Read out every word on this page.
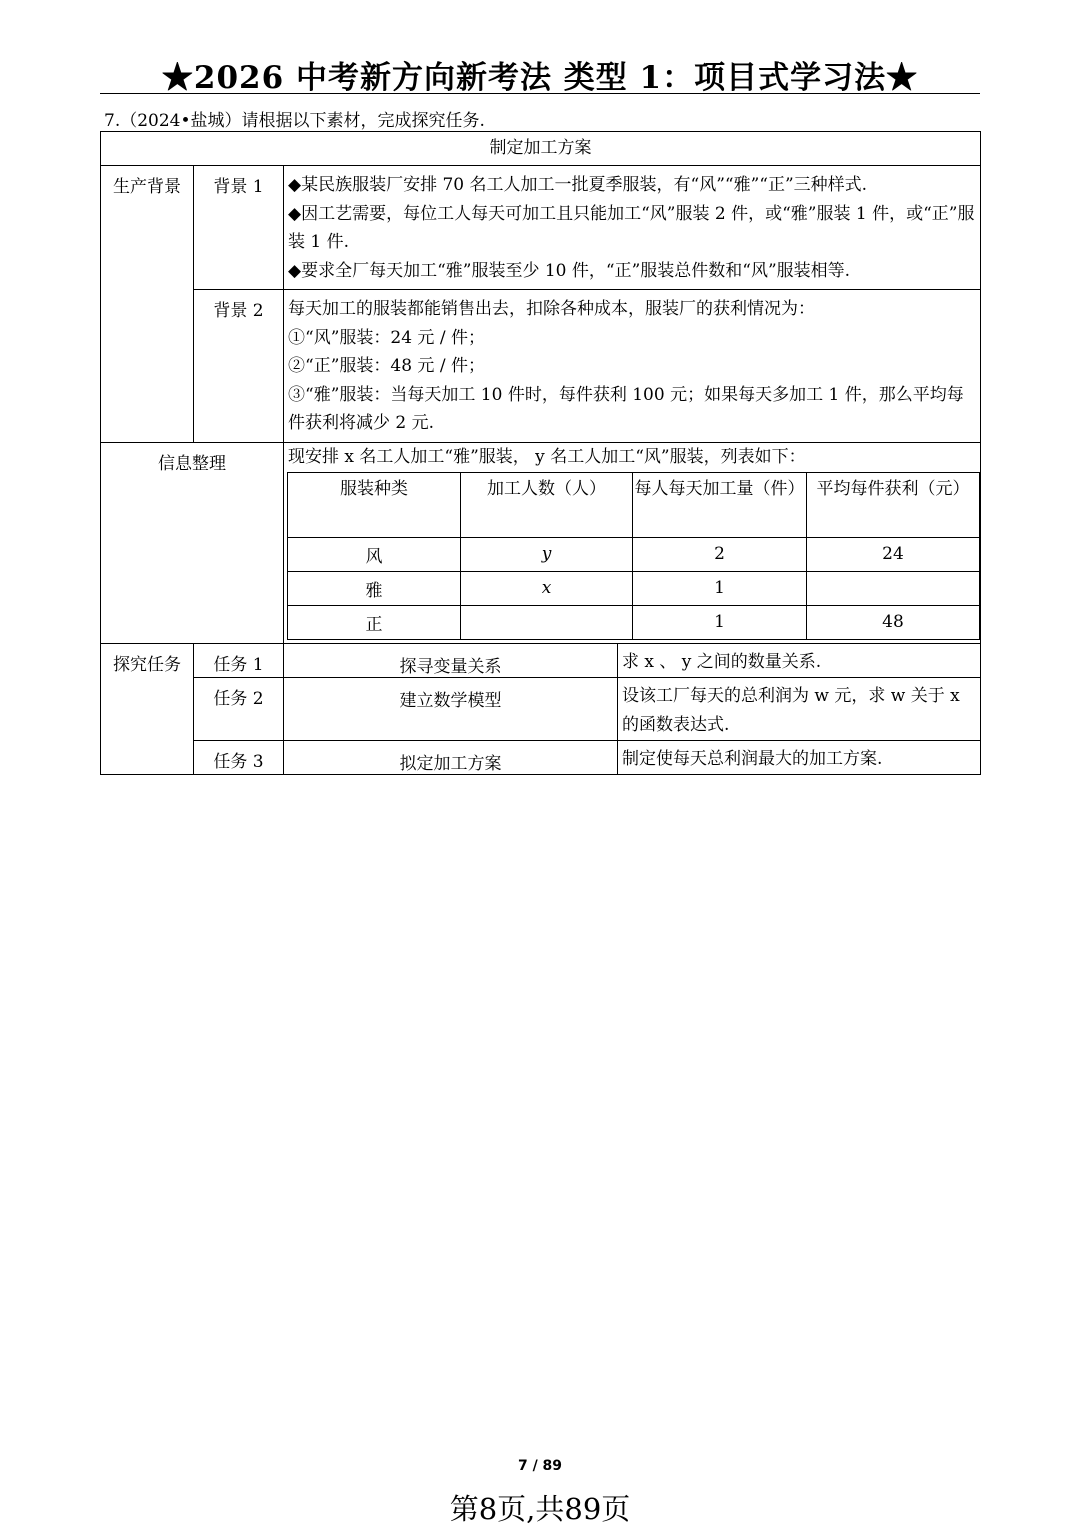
★2026 中考新方向新考法 类型 1：项目式学习法★
7.（2024•盐城）请根据以下素材，完成探究任务.
制定加工方案
生产背景	背景 1	◆某民族服装厂安排 70 名工人加工一批夏季服装，有“风”“雅”“正”三种样式.

◆因工艺需要，每位工人每天可加工且只能加工“风”服装 2 件，或“雅”服装 1 件，或“正”服装 1 件.

◆要求全厂每天加工“雅”服装至少 10 件，“正”服装总件数和“风”服装相等.

背景 2	每天加工的服装都能销售出去，扣除各种成本，服装厂的获利情况为：

①“风”服装：24 元 / 件；

②“正”服装：48 元 / 件；

③“雅”服装：当每天加工 10 件时，每件获利 100 元；如果每天多加工 1 件，那么平均每件获利将减少 2 元.

信息整理	现安排 x 名工人加工“雅”服装， y 名工人加工“风”服装，列表如下：
服装种类	加工人数（人）	每人每天加工量（件）	平均每件获利（元）
风	y	2	24
雅	x	1	
正		1	48

探究任务	任务 1	探寻变量关系	求 x 、 y 之间的数量关系.
任务 2	建立数学模型	设该工厂每天的总利润为 w 元，求 w 关于 x 的函数表达式.
任务 3	拟定加工方案	制定使每天总利润最大的加工方案.
7 / 89
第8页,共89页
